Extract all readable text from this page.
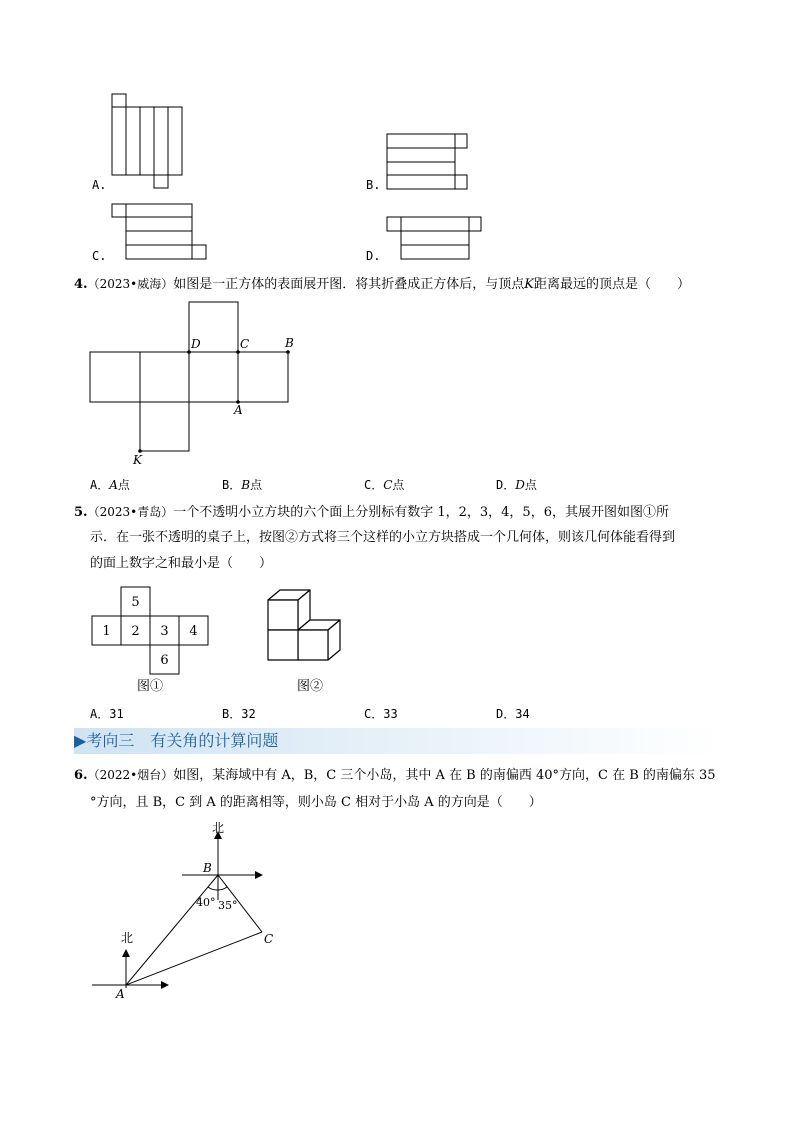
A.	B.
C.	D.
4.（2023•威海）如图是一正方体的表面展开图．将其折叠成正方体后，与顶点K距离最远的顶点是（　　）
D	C	B
A
K
A．A点	B．B点	C．C点	D．D点
5.（2023•青岛）一个不透明小立方块的六个面上分别标有数字 1，2，3，4，5，6，其展开图如图①所
示．在一张不透明的桌子上，按图②方式将三个这样的小立方块搭成一个几何体，则该几何体能看得到
的面上数字之和最小是（　　）
5
1 2 3 4
6
图①	图②
A．31	B．32	C．33	D．34
▶考向三　有关角的计算问题
6.（2022•烟台）如图，某海域中有 A，B，C 三个小岛，其中 A 在 B 的南偏西 40°方向，C 在 B 的南偏东 35
°方向，且 B，C 到 A 的距离相等，则小岛 C 相对于小岛 A 的方向是（　　）
北
北
B
A
C
40° 35°
